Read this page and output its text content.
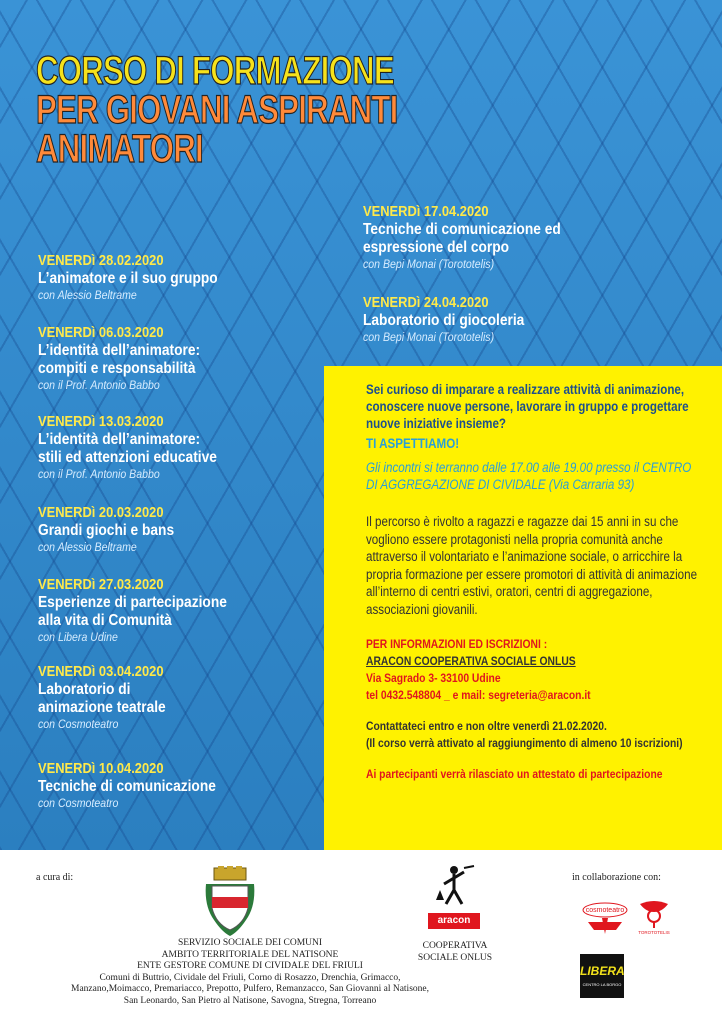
CORSO DI FORMAZIONE
PER GIOVANI ASPIRANTI
ANIMATORI
VENERDì 28.02.2020
L’animatore e il suo gruppo
con Alessio Beltrame
VENERDì 06.03.2020
L’identità dell’animatore:
compiti e responsabilità
con il Prof. Antonio Babbo
VENERDì 13.03.2020
L’identità dell’animatore:
stili ed attenzioni educative
con il Prof. Antonio Babbo
VENERDì 20.03.2020
Grandi giochi e bans
con Alessio Beltrame
VENERDì 27.03.2020
Esperienze di partecipazione
alla vita di Comunità
con Libera Udine
VENERDì 03.04.2020
Laboratorio di
animazione teatrale
con Cosmoteatro
VENERDì 10.04.2020
Tecniche di comunicazione
con Cosmoteatro
VENERDì 17.04.2020
Tecniche di comunicazione ed
espressione del corpo
con Bepi Monai (Torototelis)
VENERDì 24.04.2020
Laboratorio di giocoleria
con Bepi Monai (Torototelis)
Sei curioso di imparare a realizzare attività di animazione, conoscere nuove persone, lavorare in gruppo e progettare nuove iniziative insieme?
TI ASPETTIAMO!
Gli incontri si terranno dalle 17.00 alle 19.00 presso il CENTRO DI AGGREGAZIONE DI CIVIDALE (Via Carraria 93)
Il percorso è rivolto a ragazzi e ragazze dai 15 anni in su che vogliono essere protagonisti nella propria comunità anche attraverso il volontariato e l’animazione sociale, o arricchire la propria formazione per essere promotori di attività di animazione all’interno di centri estivi, oratori, centri di aggregazione, associazioni giovanili.
PER INFORMAZIONI ED ISCRIZIONI :
ARACON COOPERATIVA SOCIALE ONLUS
Via Sagrado 3- 33100 Udine
tel 0432.548804 _ e mail: segreteria@aracon.it
Contattateci entro e non oltre venerdì 21.02.2020.
(Il corso verrà attivato al raggiungimento di almeno 10 iscrizioni)
Ai partecipanti verrà rilasciato un attestato di partecipazione
a cura di:	in collaborazione con:
SERVIZIO SOCIALE DEI COMUNI
AMBITO TERRITORIALE DEL NATISONE
ENTE GESTORE COMUNE DI CIVIDALE DEL FRIULI
Comuni di Buttrio, Cividale del Friuli, Corno di Rosazzo, Drenchia, Grimacco, Manzano,Moimacco, Premariacco, Prepotto, Pulfero, Remanzacco, San Giovanni al Natisone, San Leonardo, San Pietro al Natisone, Savogna, Stregna, Torreano
aracon
COOPERATIVA
SOCIALE ONLUS
cosmoteatro
TOROTOTELIS
LIBERA
CENTRO LA BORGO
